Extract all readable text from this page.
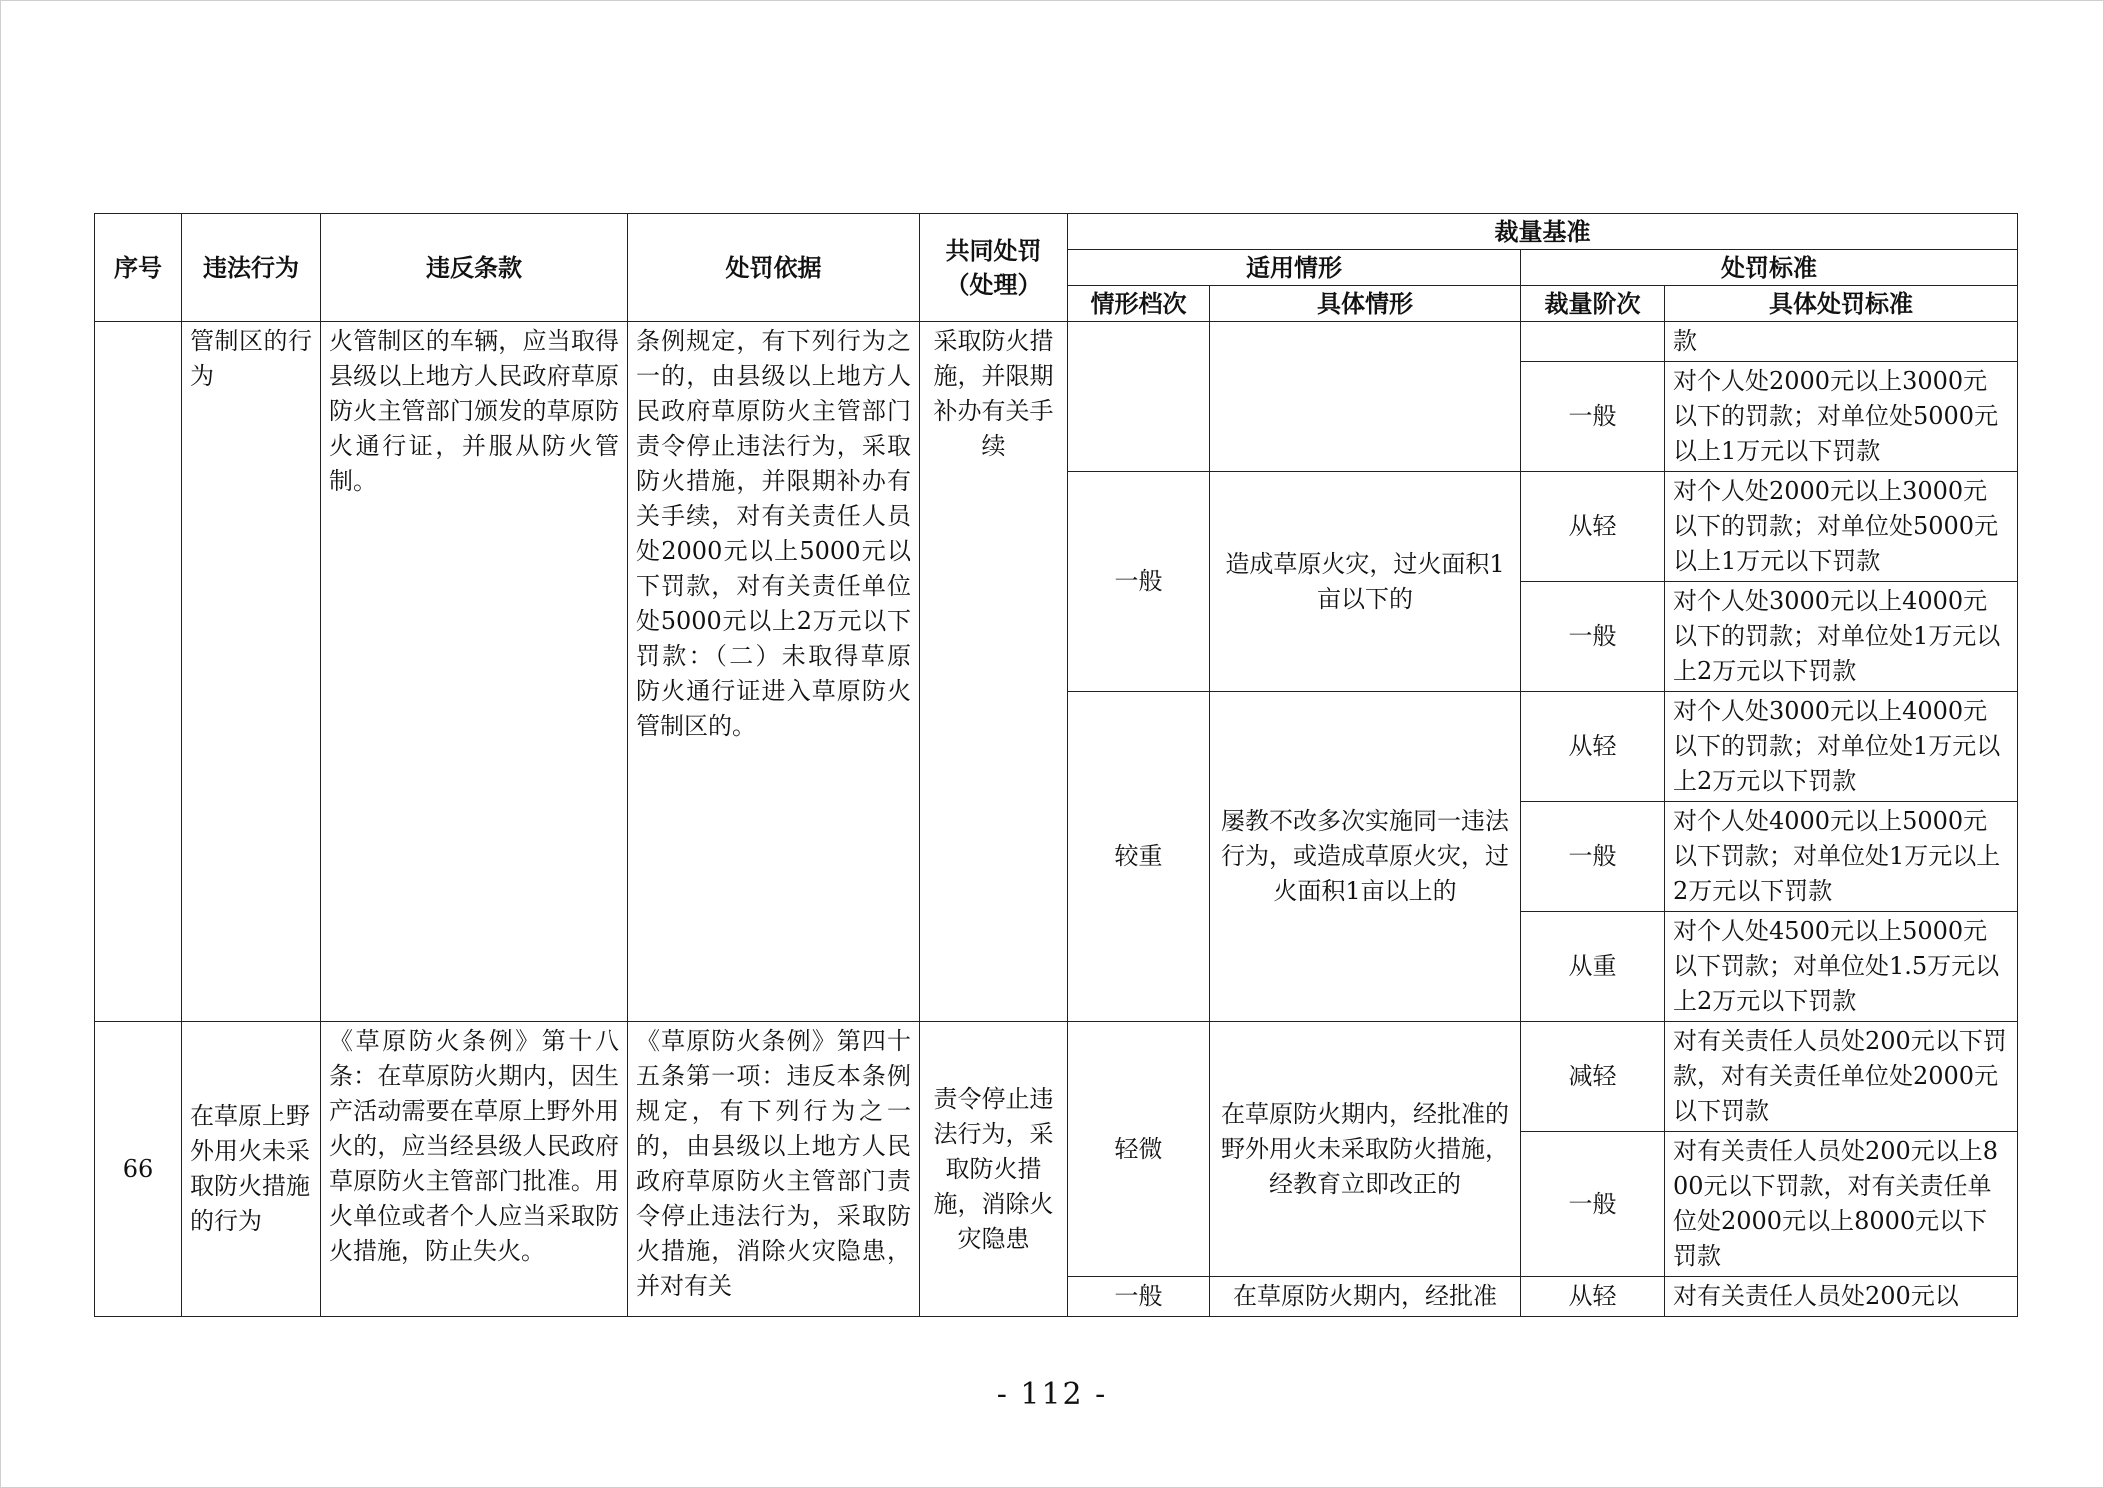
序号	违法行为	违反条款	处罚依据	共同处罚
（处理）	裁量基准			
					适用情形		处罚标准	
					情形档次	具体情形	裁量阶次	具体处罚标准
	管制区的行为	火管制区的车辆，应当取得县级以上地方人民政府草原防火主管部门颁发的草原防火通行证，并服从防火管制。	条例规定，有下列行为之一的，由县级以上地方人民政府草原防火主管部门责令停止违法行为，采取防火措施，并限期补办有关手续，对有关责任人员处2000元以上5000元以下罚款，对有关责任单位处5000元以上2万元以下罚款：（二）未取得草原防火通行证进入草原防火管制区的。	采取防火措施，并限期补办有关手续				款
							一般	对个人处2000元以上3000元以下的罚款；对单位处5000元以上1万元以下罚款
					一般	造成草原火灾，过火面积1亩以下的	从轻	对个人处2000元以上3000元以下的罚款；对单位处5000元以上1万元以下罚款
							一般	对个人处3000元以上4000元以下的罚款；对单位处1万元以上2万元以下罚款
					较重	屡教不改多次实施同一违法行为，或造成草原火灾，过火面积1亩以上的	从轻	对个人处3000元以上4000元以下的罚款；对单位处1万元以上2万元以下罚款
							一般	对个人处4000元以上5000元以下罚款；对单位处1万元以上2万元以下罚款
							从重	对个人处4500元以上5000元以下罚款；对单位处1.5万元以上2万元以下罚款
66	在草原上野外用火未采取防火措施的行为	《草原防火条例》第十八条：在草原防火期内，因生产活动需要在草原上野外用火的，应当经县级人民政府草原防火主管部门批准。用火单位或者个人应当采取防火措施，防止失火。	《草原防火条例》第四十五条第一项：违反本条例规定，有下列行为之一的，由县级以上地方人民政府草原防火主管部门责令停止违法行为，采取防火措施，消除火灾隐患，并对有关	责令停止违法行为，采取防火措施，消除火灾隐患	轻微	在草原防火期内，经批准的野外用火未采取防火措施，经教育立即改正的	减轻	对有关责任人员处200元以下罚款，对有关责任单位处2000元以下罚款
							一般	对有关责任人员处200元以上800元以下罚款，对有关责任单位处2000元以上8000元以下罚款
					一般	在草原防火期内，经批准	从轻	对有关责任人员处200元以
- 112 -
